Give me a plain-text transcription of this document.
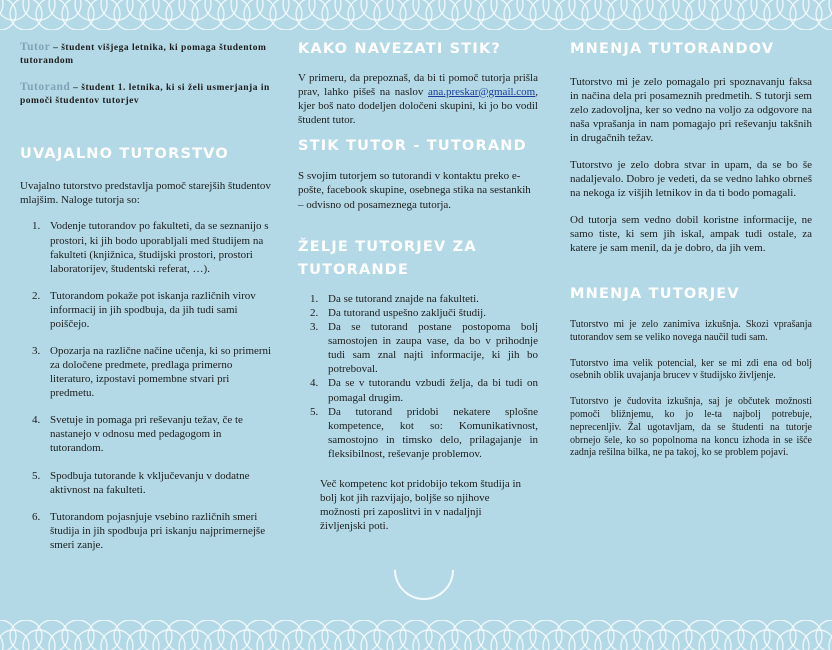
Tutor – študent višjega letnika, ki pomaga študentom tutorandom

Tutorand – študent 1. letnika, ki si želi usmerjanja in pomoči študentov tutorjev

UVAJALNO TUTORSTVO

Uvajalno tutorstvo predstavlja pomoč starejših študentov mlajšim. Naloge tutorja so:

1. Vodenje tutorandov po fakulteti, da se seznanijo s prostori, ki jih bodo uporabljali med študijem na fakulteti (knjižnica, študijski prostori, prostori laboratorijev, študentski referat, …).
2. Tutorandom pokaže pot iskanja različnih virov informacij in jih spodbuja, da jih tudi sami poiščejo.
3. Opozarja na različne načine učenja, ki so primerni za določene predmete, predlaga primerno literaturo, izpostavi pomembne stvari pri predmetu.
4. Svetuje in pomaga pri reševanju težav, če te nastanejo v odnosu med pedagogom in tutorandom.
5. Spodbuja tutorande k vključevanju v dodatne aktivnost na fakulteti.
6. Tutorandom pojasnjuje vsebino različnih smeri študija in jih spodbuja pri iskanju najprimernejše smeri zanje.
KAKO NAVEZATI STIK?

V primeru, da prepoznaš, da bi ti pomoč tutorja prišla prav, lahko pišeš na naslov ana.preskar@gmail.com, kjer boš nato dodeljen določeni skupini, ki jo bo vodil študent tutor.

STIK TUTOR - TUTORAND

S svojim tutorjem so tutorandi v kontaktu preko e-pošte, facebook skupine, osebnega stika na sestankih – odvisno od posameznega tutorja.

ŽELJE TUTORJEV ZA TUTORANDE
1. Da se tutorand znajde na fakulteti.
2. Da tutorand uspešno zaključi študij.
3. Da se tutorand postane postopoma bolj samostojen in zaupa vase, da bo v prihodnje tudi sam znal najti informacije, ki jih bo potreboval.
4. Da se v tutorandu vzbudi želja, da bi tudi on pomagal drugim.
5. Da tutorand pridobi nekatere splošne kompetence, kot so: Komunikativnost, samostojno in timsko delo, prilagajanje in fleksibilnost, reševanje problemov.

Več kompetenc kot pridobijo tekom študija in bolj kot jih razvijajo, boljše so njihove možnosti pri zaposlitvi in v nadaljnji življenjski poti.

MNENJA TUTORANDOV

Tutorstvo mi je zelo pomagalo pri spoznavanju faksa in načina dela pri posameznih predmetih. S tutorji sem zelo zadovoljna, ker so vedno na voljo za odgovore na naša vprašanja in nam pomagajo pri reševanju takšnih in drugačnih težav.

Tutorstvo je zelo dobra stvar in upam, da se bo še nadaljevalo. Dobro je vedeti, da se vedno lahko obrneš na nekoga iz višjih letnikov in da ti bodo pomagali.

Od tutorja sem vedno dobil koristne informacije, ne samo tiste, ki sem jih iskal, ampak tudi ostale, za katere je sam menil, da je dobro, da jih vem.

MNENJA TUTORJEV

Tutorstvo mi je zelo zanimiva izkušnja. Skozi vprašanja tutorandov sem se veliko novega naučil tudi sam.

Tutorstvo ima velik potencial, ker se mi zdi ena od bolj osebnih oblik uvajanja brucev v študijsko življenje.

Tutorstvo je čudovita izkušnja, saj je občutek možnosti pomoči bližnjemu, ko jo le-ta najbolj potrebuje, neprecenljiv. Žal ugotavljam, da se študenti na tutorje obrnejo šele, ko so popolnoma na koncu izhoda in se išče zadnja rešilna bilka, ne pa takoj, ko se problem pojavi.
